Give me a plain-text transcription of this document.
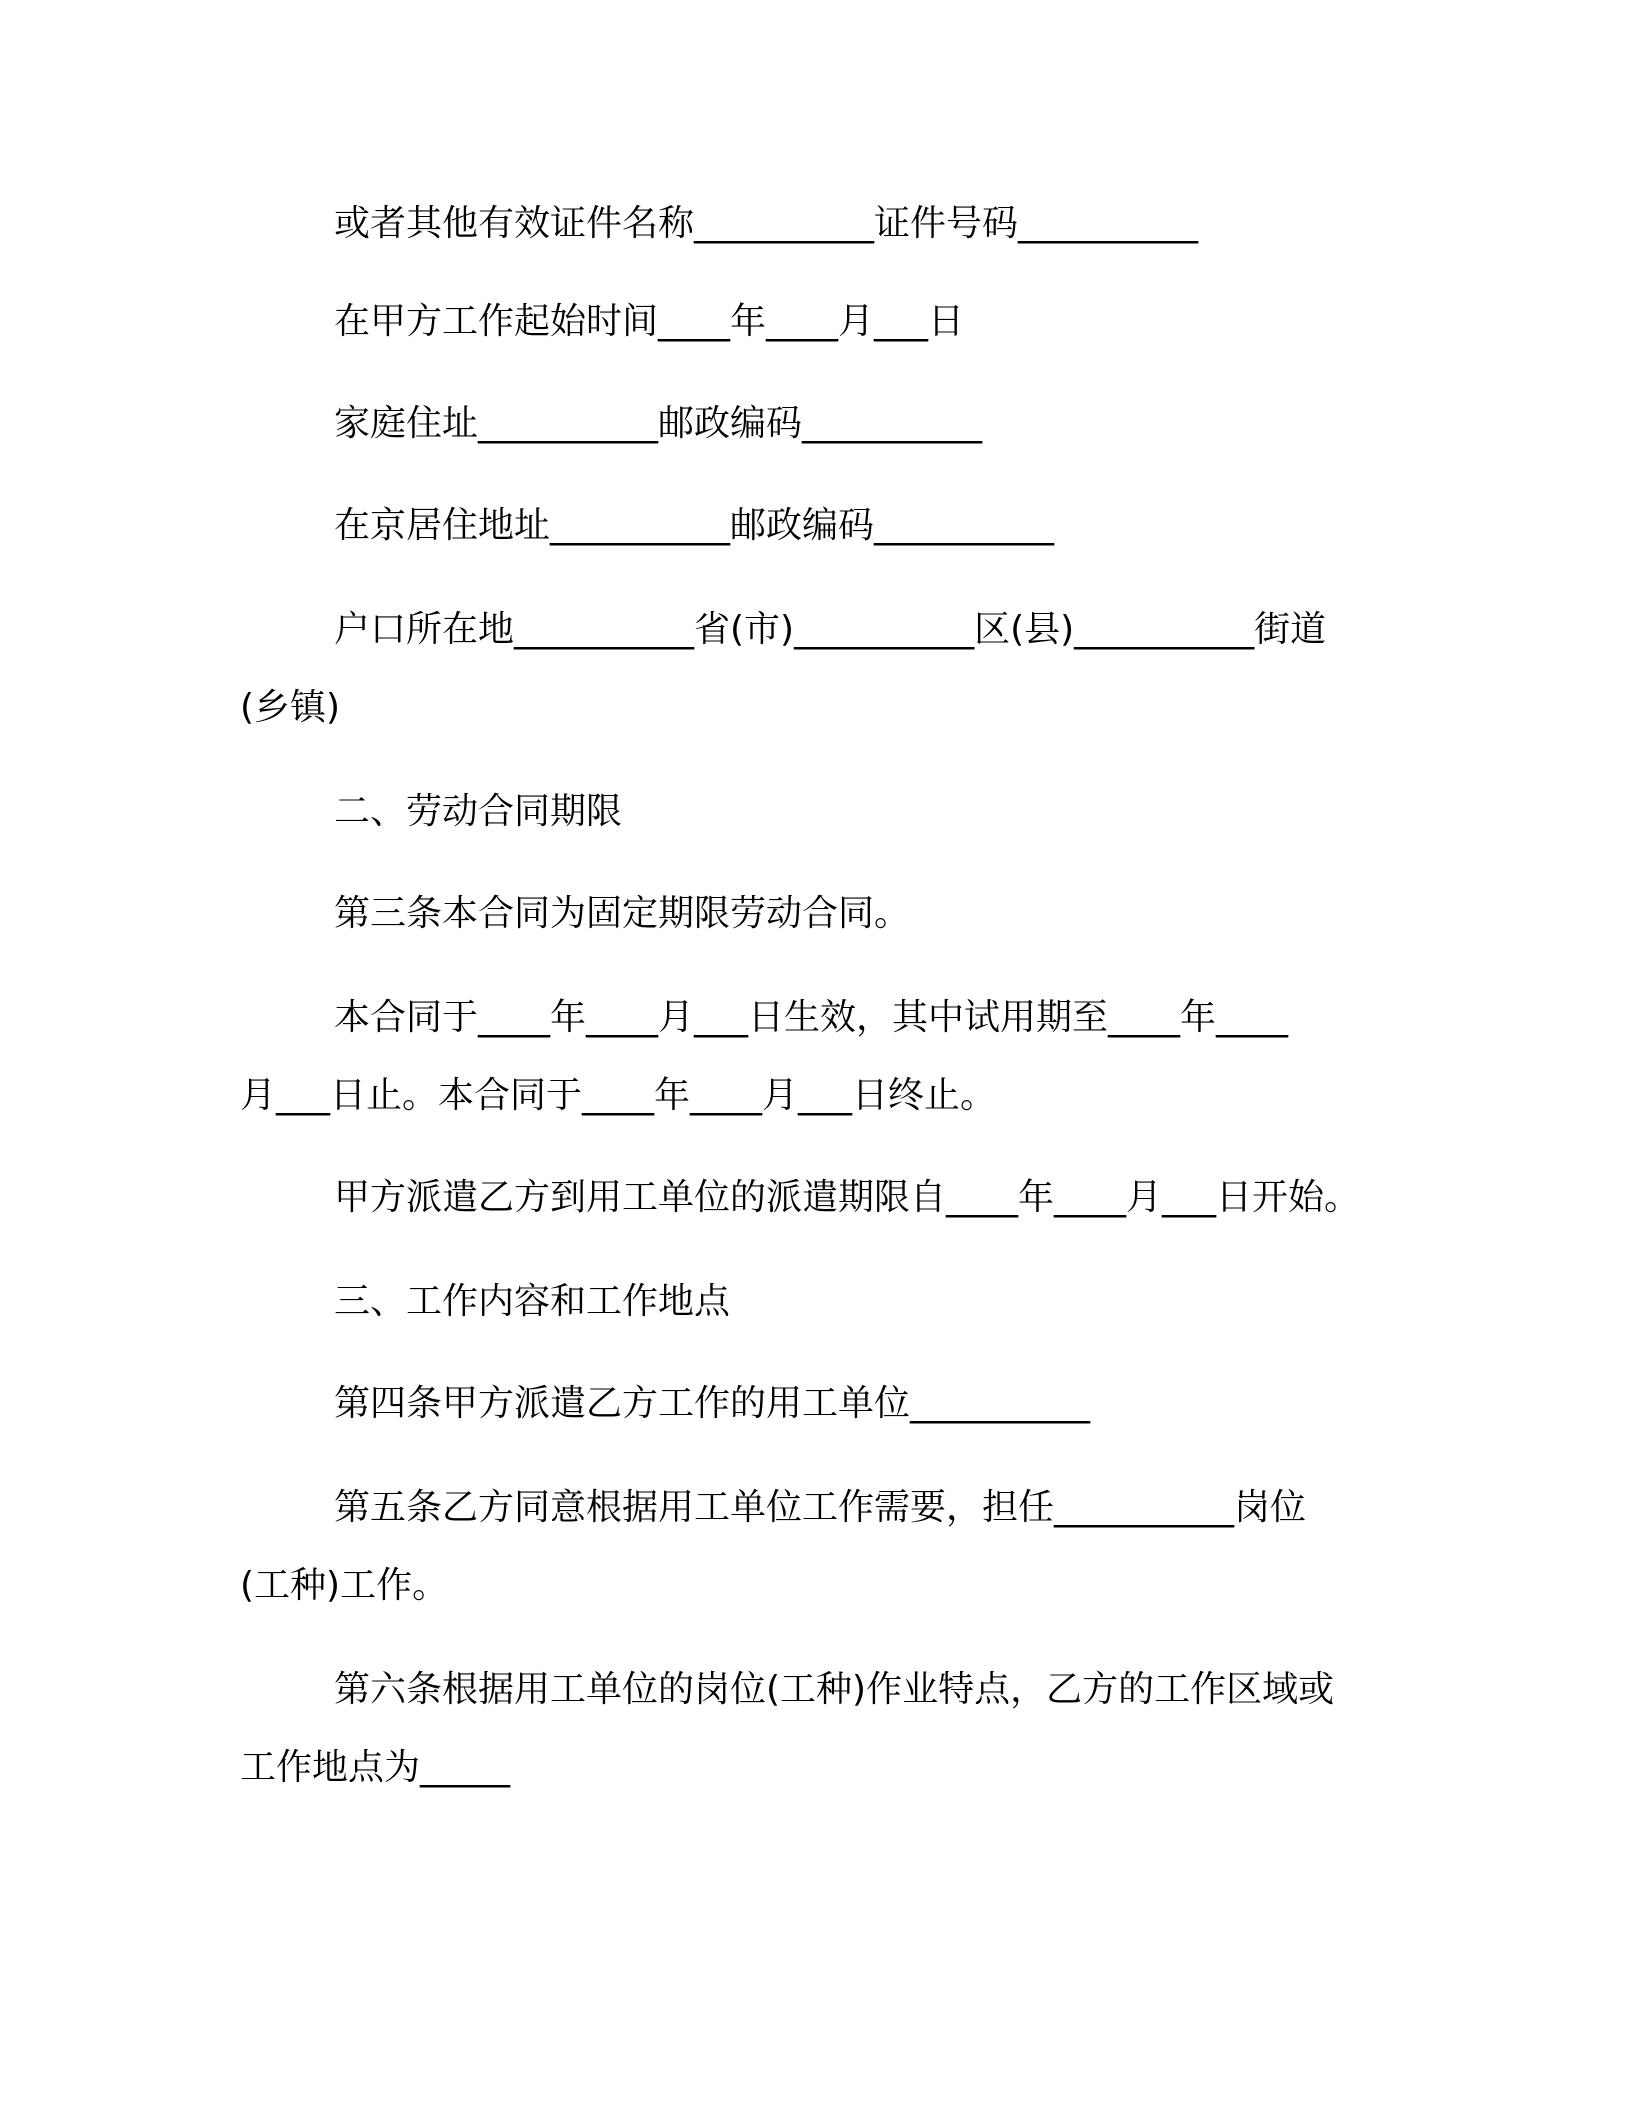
或者其他有效证件名称__________证件号码__________
在甲方工作起始时间____年____月___日
家庭住址__________邮政编码__________
在京居住地址__________邮政编码__________
户口所在地__________省(市)__________区(县)__________街道
(乡镇)
二、劳动合同期限
第三条本合同为固定期限劳动合同。
本合同于____年____月___日生效，其中试用期至____年____
月___日止。本合同于____年____月___日终止。
甲方派遣乙方到用工单位的派遣期限自____年____月___日开始。
三、工作内容和工作地点
第四条甲方派遣乙方工作的用工单位__________
第五条乙方同意根据用工单位工作需要，担任__________岗位
(工种)工作。
第六条根据用工单位的岗位(工种)作业特点，乙方的工作区域或
工作地点为_____
